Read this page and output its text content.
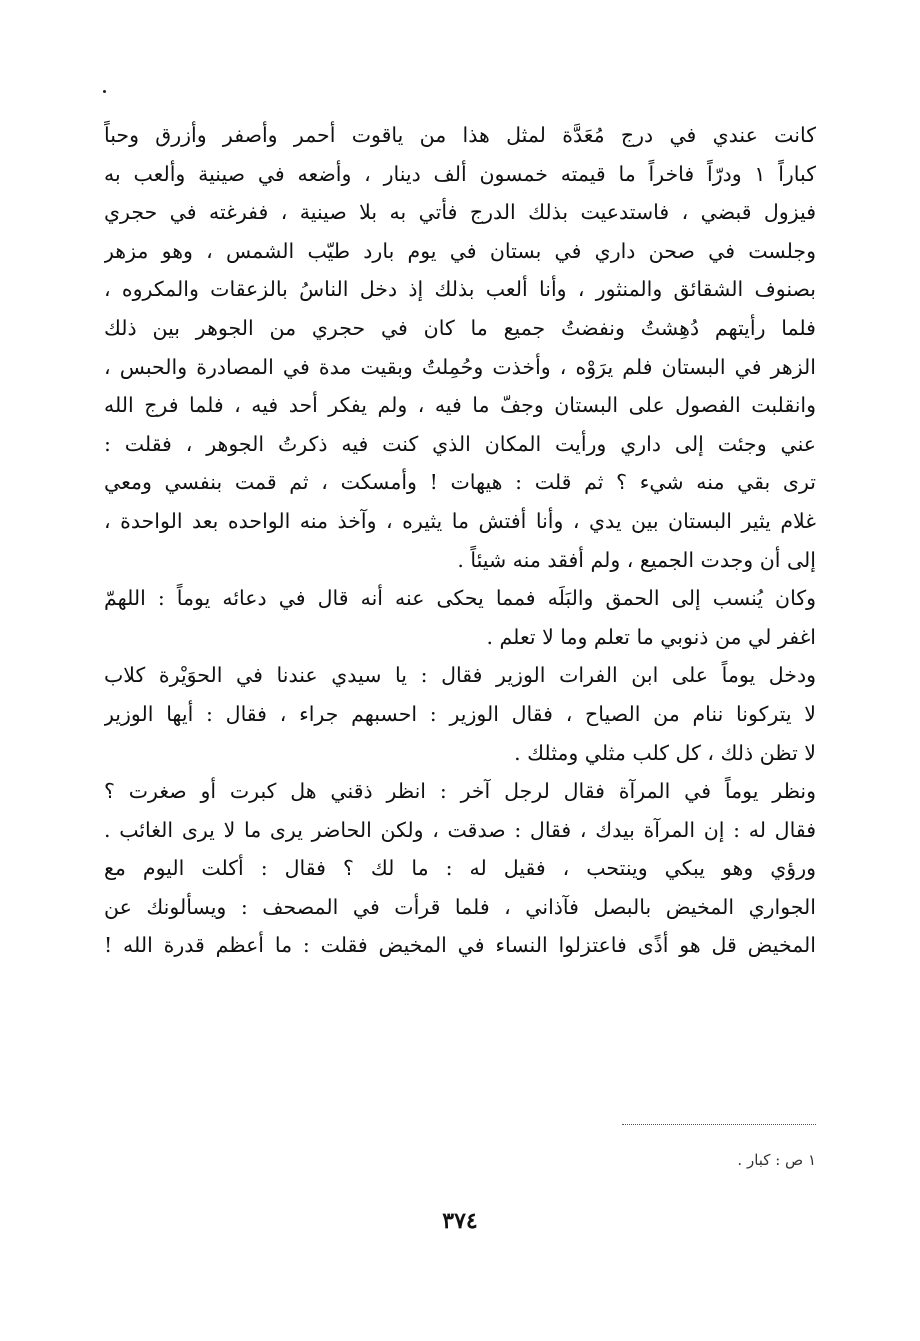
كانت عندي في درج مُعَدَّة لمثل هذا من ياقوت أحمر وأصفر وأزرق وحباً
كباراً ١ ودرّاً فاخراً ما قيمته خمسون ألف دينار ، وأضعه في صينية وألعب به
فيزول قبضي ، فاستدعيت بذلك الدرج فأتي به بلا صينية ، ففرغته في حجري
وجلست في صحن داري في بستان في يوم بارد طيّب الشمس ، وهو مزهر
بصنوف الشقائق والمنثور ، وأنا ألعب بذلك إذ دخل الناسُ بالزعقات والمكروه ،
فلما رأيتهم دُهِشتُ ونفضتُ جميع ما كان في حجري من الجوهر بين ذلك
الزهر في البستان فلم يرَوْه ، وأخذت وحُمِلتُ وبقيت مدة في المصادرة والحبس ،
وانقلبت الفصول على البستان وجفّ ما فيه ، ولم يفكر أحد فيه ، فلما فرج الله
عني وجئت إلى داري ورأيت المكان الذي كنت فيه ذكرتُ الجوهر ، فقلت :
ترى بقي منه شيء ؟ ثم قلت : هيهات ! وأمسكت ، ثم قمت بنفسي ومعي
غلام يثير البستان بين يدي ، وأنا أفتش ما يثيره ، وآخذ منه الواحده بعد الواحدة ،
إلى أن وجدت الجميع ، ولم أفقد منه شيئاً .
وكان يُنسب إلى الحمق والبَلَه فمما يحكى عنه أنه قال في دعائه يوماً : اللهمّ
اغفر لي من ذنوبي ما تعلم وما لا تعلم .
ودخل يوماً على ابن الفرات الوزير فقال : يا سيدي عندنا في الحوَيْرة كلاب
لا يتركونا ننام من الصياح ، فقال الوزير : احسبهم جراء ، فقال : أيها الوزير
لا تظن ذلك ، كل كلب مثلي ومثلك .
ونظر يوماً في المرآة فقال لرجل آخر : انظر ذقني هل كبرت أو صغرت ؟
فقال له : إن المرآة بيدك ، فقال : صدقت ، ولكن الحاضر يرى ما لا يرى الغائب .
ورؤي وهو يبكي وينتحب ، فقيل له : ما لك ؟ فقال : أكلت اليوم مع
الجواري المخيض بالبصل فآذاني ، فلما قرأت في المصحف : ويسألونك عن
المخيض قل هو أذًى فاعتزلوا النساء في المخيض فقلت : ما أعظم قدرة الله !
١ ص : كبار .
٣٧٤
